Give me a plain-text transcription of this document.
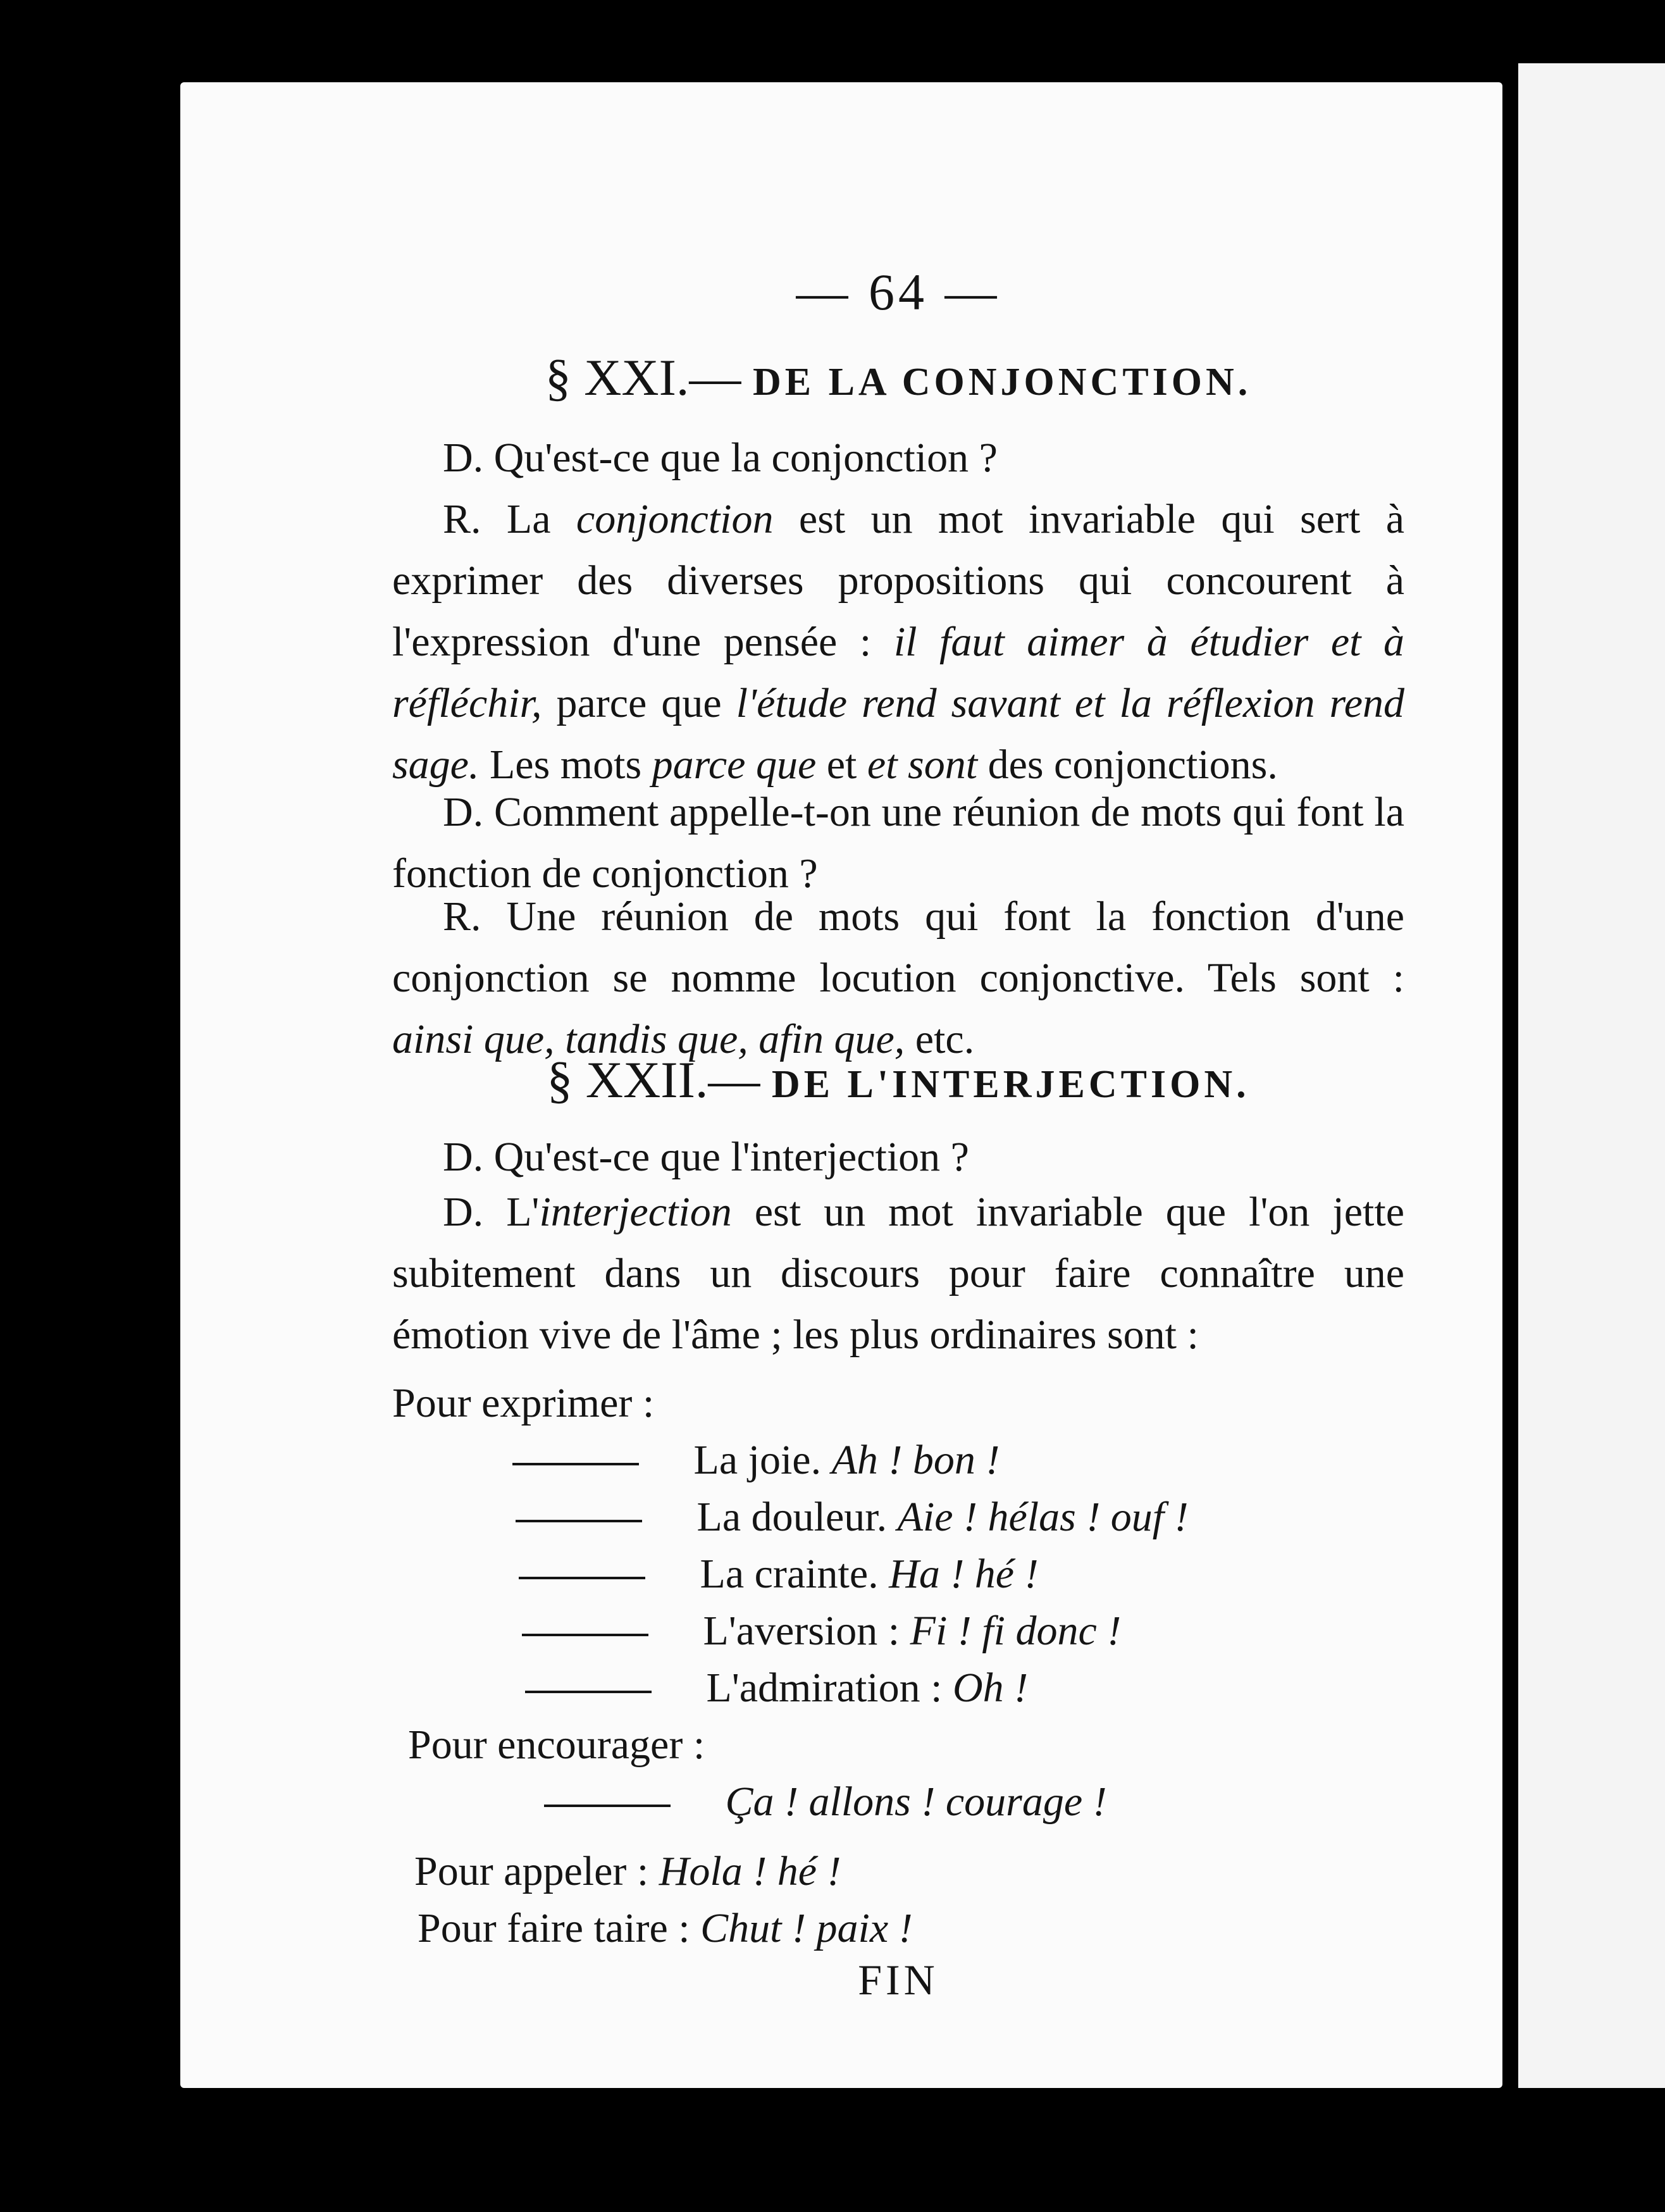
— 64 —
§ XXI.— DE LA CONJONCTION.
D. Qu'est-ce que la conjonction ?
R. La conjonction est un mot invariable qui sert à exprimer des diverses propositions qui concourent à l'expression d'une pensée : il faut aimer à étudier et à réfléchir, parce que l'étude rend savant et la réflexion rend sage. Les mots parce que et et sont des conjonctions.
D. Comment appelle-t-on une réunion de mots qui font la fonction de conjonction ?
R. Une réunion de mots qui font la fonction d'une conjonction se nomme locution conjonctive. Tels sont : ainsi que, tandis que, afin que, etc.
§ XXII.— DE L'INTERJECTION.
D. Qu'est-ce que l'interjection ?
D. L'interjection est un mot invariable que l'on jette subitement dans un discours pour faire connaître une émotion vive de l'âme ; les plus ordinaires sont :
Pour exprimer :
La joie. Ah ! bon !
La douleur. Aie ! hélas ! ouf !
La crainte. Ha ! hé !
L'aversion : Fi ! fi donc !
L'admiration : Oh !
Pour encourager :
Ça ! allons ! courage !
Pour appeler : Hola ! hé !
Pour faire taire : Chut ! paix !
FIN
